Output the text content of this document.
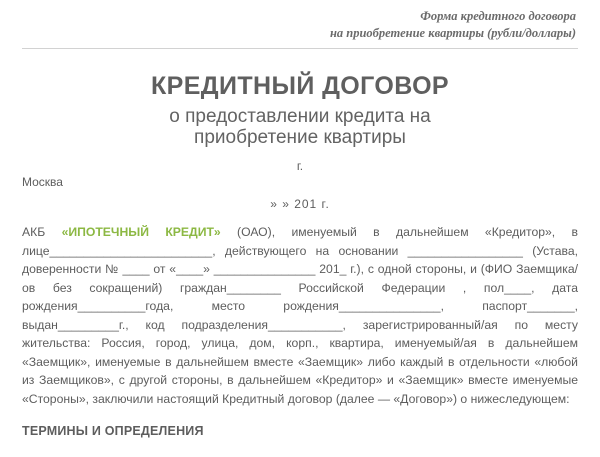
Форма кредитного договора
на приобретение квартиры (рубли/доллары)
КРЕДИТНЫЙ ДОГОВОР
о предоставлении кредита на
приобретение квартиры
г.
Москва
» » 201 г.

АКБ «ИПОТЕЧНЫЙ КРЕДИТ» (ОАО), именуемый в дальнейшем «Кредитор», в лице________________________, действующего на основании _________________ (Устава, доверенности № ____ от «____» _______________ 201_ г.), с одной стороны, и (ФИО Заемщика/ов без сокращений) граждан________ Российской Федерации , пол____, дата рождения__________года, место рождения_______________, паспорт_______, выдан_________г., код подразделения___________, зарегистрированный/ая по месту жительства: Россия, город, улица, дом, корп., квартира, именуемый/ая в дальнейшем «Заемщик», именуемые в дальнейшем вместе «Заемщик» либо каждый в отдельности «любой из Заемщиков», с другой стороны, в дальнейшем «Кредитор» и «Заемщик» вместе именуемые «Стороны», заключили настоящий Кредитный договор (далее — «Договор») о нижеследующем:

ТЕРМИНЫ И ОПРЕДЕЛЕНИЯ
